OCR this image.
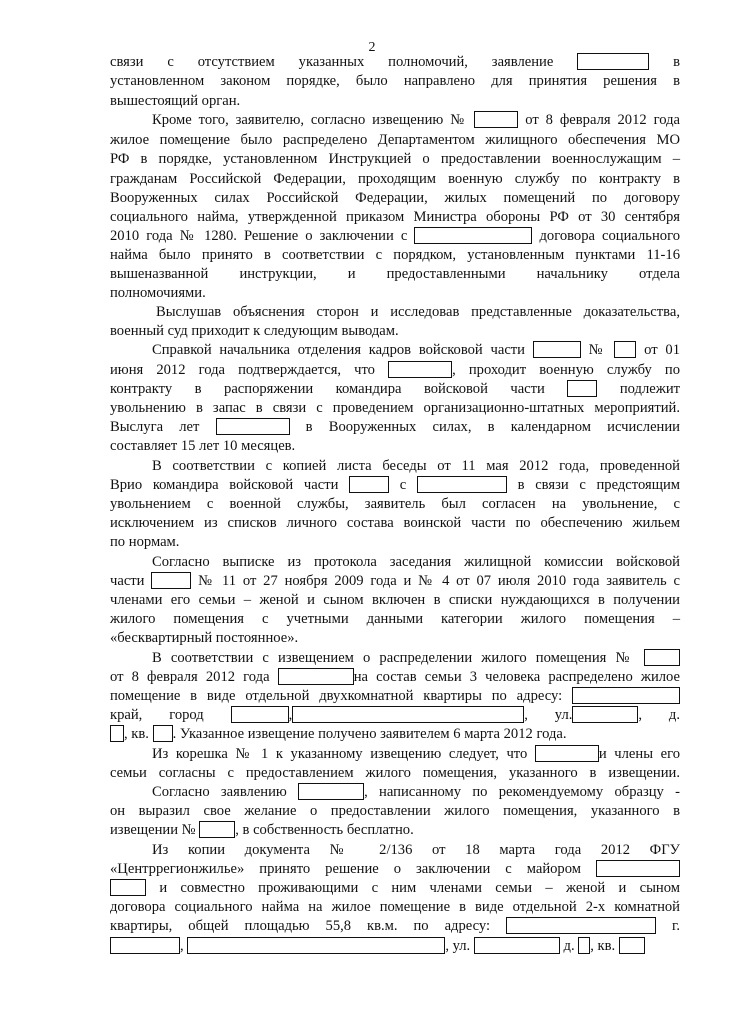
2
связи с отсутствием указанных полномочий, заявление	в
установленном законом порядке, было направлено для принятия решения в
вышестоящий орган.
Кроме того, заявителю, согласно извещению №	от 8 февраля 2012 года
жилое помещение было распределено Департаментом жилищного обеспечения МО
РФ в порядке, установленном Инструкцией о предоставлении военнослужащим –
гражданам Российской Федерации, проходящим военную службу по контракту в
Вооруженных силах Российской Федерации, жилых помещений по договору
социального найма, утвержденной приказом Министра обороны РФ от 30 сентября
2010 года № 1280. Решение о заключении с	договора социального
найма было принято в соответствии с порядком, установленным пунктами 11-16
вышеназванной инструкции, и предоставленными начальнику отдела
полномочиями.
Выслушав объяснения сторон и исследовав представленные доказательства,
военный суд приходит к следующим выводам.
Справкой начальника отделения кадров войсковой части	№	от 01
июня 2012 года подтверждается, что	, проходит военную службу по
контракту в распоряжении командира войсковой части	подлежит
увольнению в запас в связи с проведением организационно-штатных мероприятий.
Выслуга лет	в Вооруженных силах, в календарном исчислении
составляет 15 лет 10 месяцев.
В соответствии с копией листа беседы от 11 мая 2012 года, проведенной
Врио командира войсковой части	с	в связи с предстоящим
увольнением с военной службы, заявитель был согласен на увольнение, с
исключением из списков личного состава воинской части по обеспечению жильем
по нормам.
Согласно выписке из протокола заседания жилищной комиссии войсковой
части	№ 11 от 27 ноября 2009 года и № 4 от 07 июля 2010 года заявитель с
членами его семьи – женой и сыном включен в списки нуждающихся в получении
жилого помещения с учетными данными категории жилого помещения –
«бесквартирный постоянное».
В соответствии с извещением о распределении жилого помещения №
от 8 февраля 2012 года	на состав семьи 3 человека распределено жилое
помещение в виде отдельной двухкомнатной квартиры по адресу:
край, город	,	, ул.	, д.
, кв. . Указанное извещение получено заявителем 6 марта 2012 года.
Из корешка № 1 к указанному извещению следует, что	и члены его
семьи согласны с предоставлением жилого помещения, указанного в извещении.
Согласно заявлению	, написанному по рекомендуемому образцу -
он выразил свое желание о предоставлении жилого помещения, указанного в
извещении №	, в собственность бесплатно.
Из копии документа № 2/136 от 18 марта года 2012 ФГУ
«Центррегионжилье» принято решение о заключении с майором
и совместно проживающими с ним членами семьи – женой и сыном
договора социального найма на жилое помещение в виде отдельной 2-х комнатной
квартиры, общей площадью 55,8 кв.м. по адресу:	г.
,	, ул.	д. , кв.
